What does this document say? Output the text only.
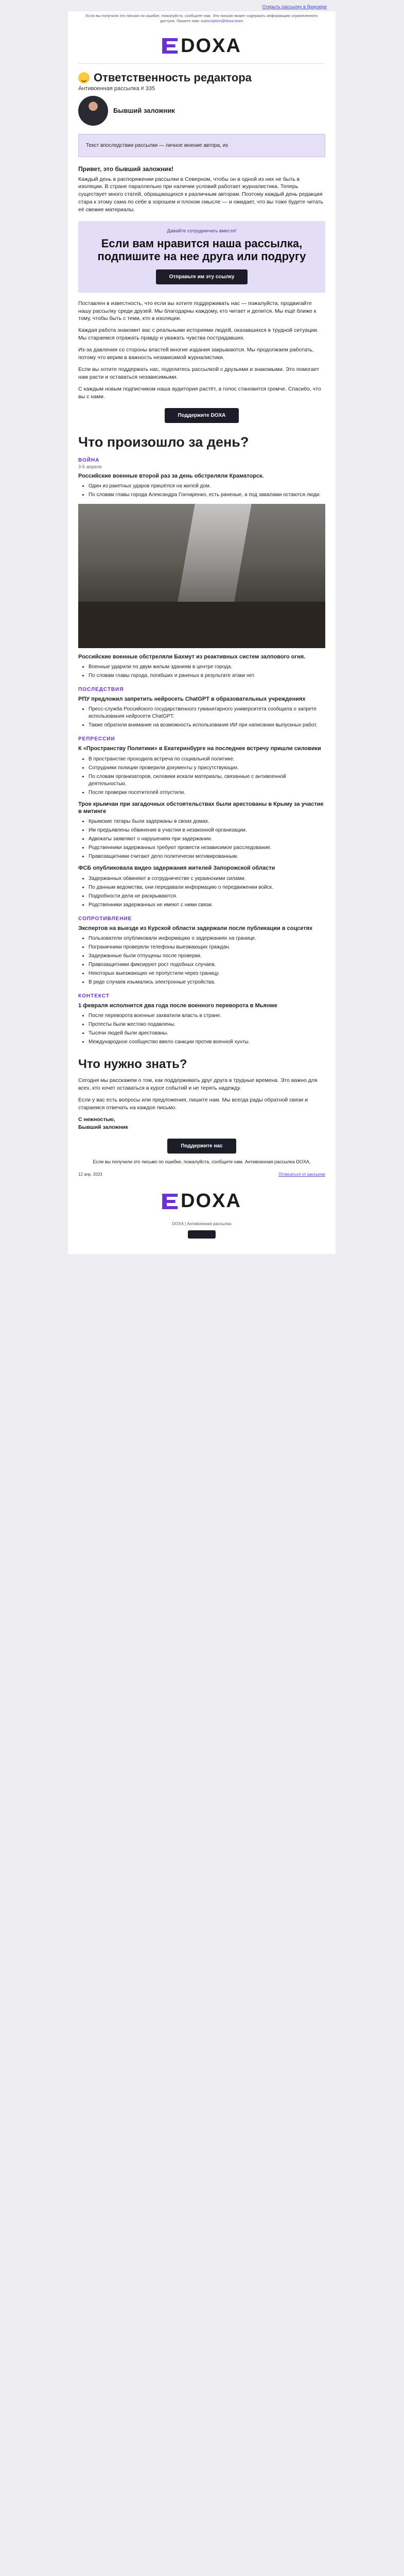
Открыть рассылку в браузере
Если вы получили это письмо по ошибке, пожалуйста, сообщите нам. Это письмо может содержать информацию ограниченного доступа. Пишите нам: subscription@doxa.team
DOXA
Ответственность редактора
Антивоенная рассылка # 335
Бывший заложник
Текст впоследствии рассылки — личное мнение автора, из
Привет, это бывший заложник!

Каждый день в распоряжении рассылки в Северном, чтобы он в одной из них не быть в изоляции. В стране параллельно при наличии условий работает журналистика. Теперь существует много статей, обращающихся к различным авторам. Поэтому каждый день редакция стара к этому сама по себе в хорошем и плохом смысле — и ожидает, что вы тоже будете читать её свежие материалы.

Давайте сотрудничать вместе!
Если вам нравится наша рассылка, подпишите на нее друга или подругу
Отправьте им эту ссылку

Поставлен в известность, что если вы хотите поддерживать нас — пожалуйста, продвигайте нашу рассылку среди друзей. Мы благодарны каждому, кто читает и делится. Мы ещё ближе к тому, чтобы быть с теми, кто в изоляции.

Каждая работа знакомит вас с реальными историями людей, оказавшихся в трудной ситуации. Мы стараемся отражать правду и уважать чувства пострадавших.

Из-за давления со стороны властей многие издания закрываются. Мы продолжаем работать, потому что верим в важность независимой журналистики.

Если вы хотите поддержать нас, поделитесь рассылкой с друзьями и знакомыми. Это помогает нам расти и оставаться независимыми.

С каждым новым подписчиком наша аудитория растёт, а голос становится громче. Спасибо, что вы с нами.

Поддержите DOXA
Что произошло за день?
ВОЙНА
3-5 апреля
Российские военные второй раз за день обстреляли Краматорск.
• Один из ракетных ударов пришёлся на жилой дом.
• По словам главы города Александра Гончаренко, есть раненые, а под завалами остаются люди.
Российские военные обстреляли Бахмут из реактивных систем залпового огня.
• Военные ударили по двум жилым зданиям в центре города.
• По словам главы города, погибших и раненых в результате атаки нет.
ПОСЛЕДСТВИЯ
РПУ предложил запретить нейросеть ChatGPT в образовательных учреждениях
• Пресс-служба Российского государственного гуманитарного университета сообщила о запрете использования нейросети ChatGPT.
• Также обратили внимание на возможность использования ИИ при написании выпускных работ.
РЕПРЕССИИ
К «Пространству Политики» в Екатеринбурге на последнее встречу пришли силовики
• В пространстве проходила встреча по социальной политике.
• Сотрудники полиции проверили документы у присутствующих.
• По словам организаторов, силовики искали материалы, связанные с антивоенной деятельностью.
• После проверки посетителей отпустили.
Трое крымчан при загадочных обстоятельствах были арестованы в Крыму за участие в митинге
• Крымские татары были задержаны в своих домах.
• Им предъявлены обвинения в участии в незаконной организации.
• Адвокаты заявляют о нарушениях при задержании.
• Родственники задержанных требуют провести независимое расследование.
• Правозащитники считают дело политически мотивированным.
ФСБ опубликовала видео задержания жителей Запорожской области
• Задержанных обвиняют в сотрудничестве с украинскими силами.
• По данным ведомства, они передавали информацию о передвижении войск.
• Подробности дела не раскрываются.
• Родственники задержанных не имеют с ними связи.
СОПРОТИВЛЕНИЕ
Экспертов на выезде из Курской области задержали после публикации в соцсетях
• Пользователи опубликовали информацию о задержаниях на границе.
• Пограничники проверяли телефоны выезжающих граждан.
• Задержанные были отпущены после проверки.
• Правозащитники фиксируют рост подобных случаев.
• Некоторых выезжающих не пропустили через границу.
• В ряде случаев изымались электронные устройства.
КОНТЕКСТ
1 февраля исполнится два года после военного переворота в Мьянме
• После переворота военные захватили власть в стране.
• Протесты были жестоко подавлены.
• Тысячи людей были арестованы.
• Международное сообщество ввело санкции против военной хунты.
Что нужно знать?

Сегодня мы расскажем о том, как поддерживать друг друга в трудные времена. Это важно для всех, кто хочет оставаться в курсе событий и не терять надежду.

Если у вас есть вопросы или предложения, пишите нам. Мы всегда рады обратной связи и стараемся отвечать на каждое письмо.

С нежностью,
Бывший заложник

Поддержите нас

Если вы получили это письмо по ошибке, пожалуйста, сообщите нам. Антивоенная рассылка DOXA.

12 апр. 2023	Отписаться от рассылки
DOXA
DOXA | Антивоенная рассылка
